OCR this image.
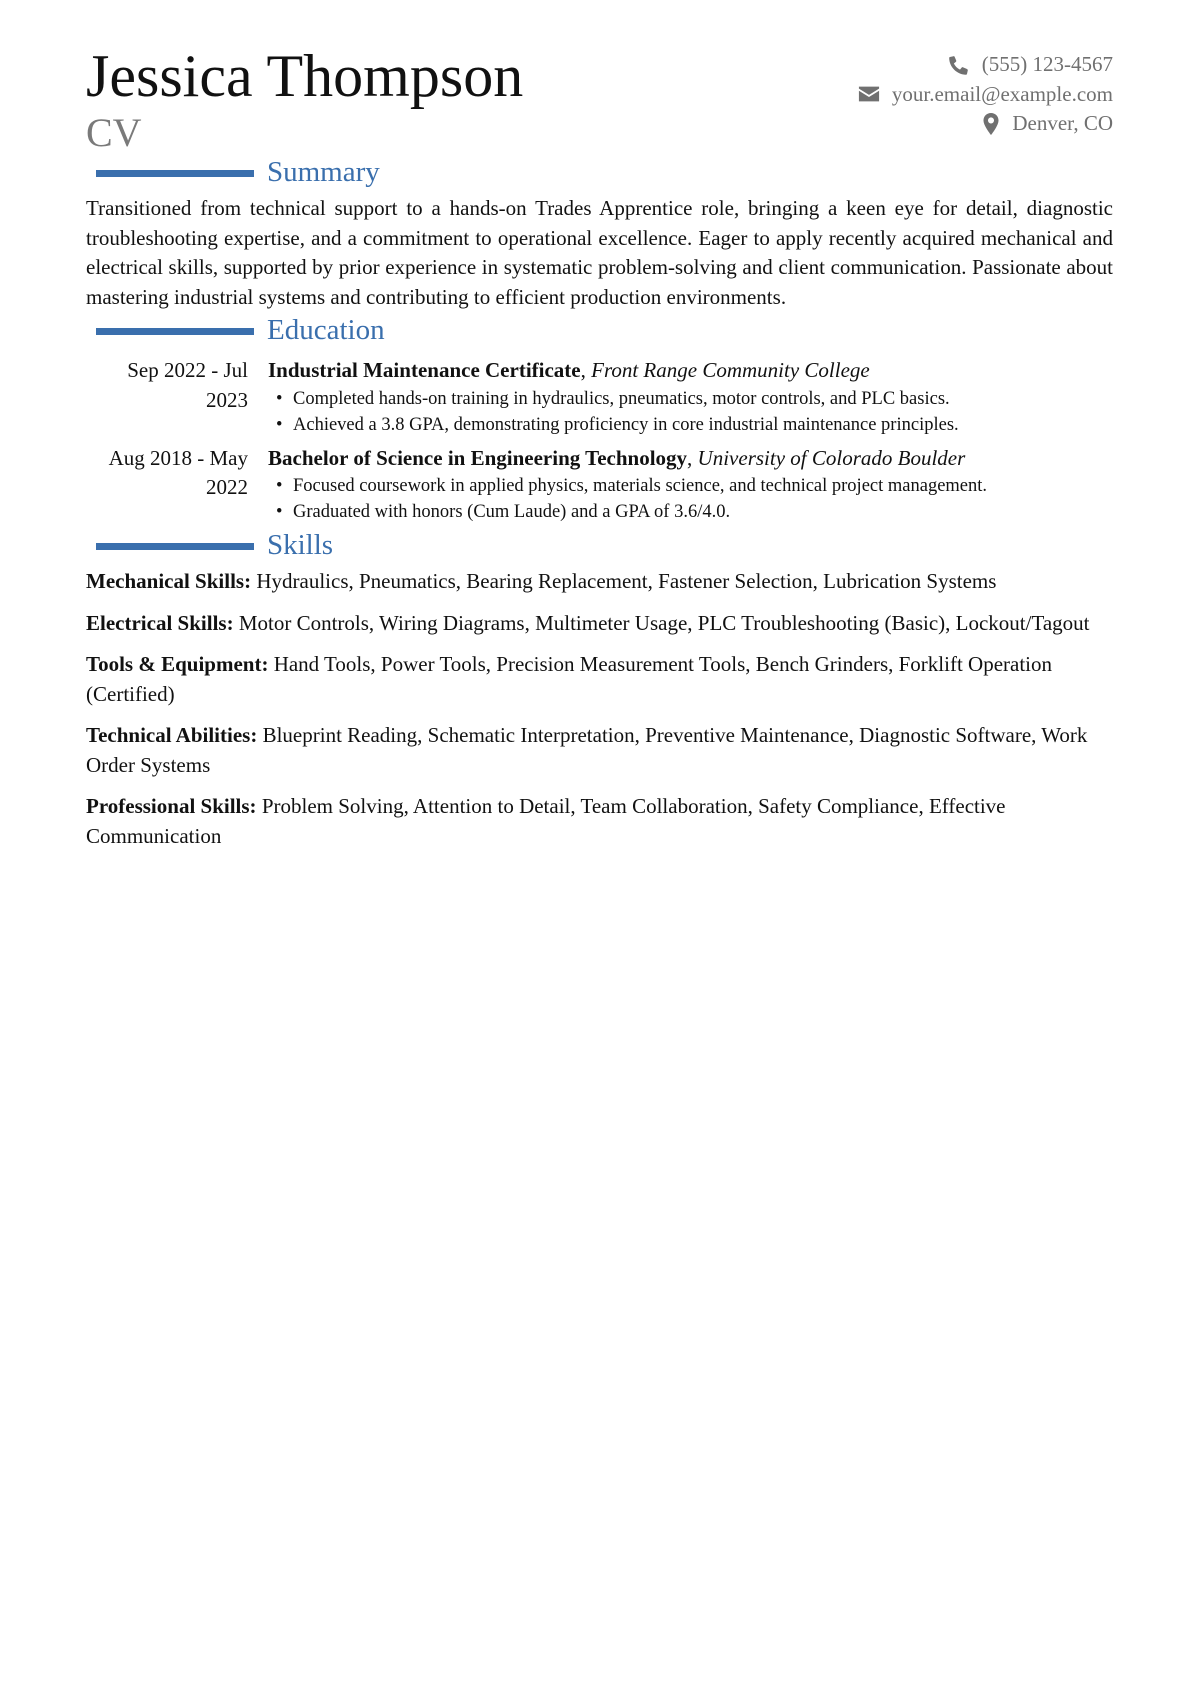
Jessica Thompson
CV
(555) 123-4567
your.email@example.com
Denver, CO
Summary

Transitioned from technical support to a hands-on Trades Apprentice role, bringing a keen eye for detail, diagnostic troubleshooting expertise, and a commitment to operational excellence. Eager to apply recently acquired mechanical and electrical skills, supported by prior experience in systematic problem-solving and client communication. Passionate about mastering industrial systems and contributing to efficient production environments.

Education
Sep 2022 - Jul 2023
Industrial Maintenance Certificate, Front Range Community College
• Completed hands-on training in hydraulics, pneumatics, motor controls, and PLC basics.
• Achieved a 3.8 GPA, demonstrating proficiency in core industrial maintenance principles.
Aug 2018 - May 2022
Bachelor of Science in Engineering Technology, University of Colorado Boulder
• Focused coursework in applied physics, materials science, and technical project management.
• Graduated with honors (Cum Laude) and a GPA of 3.6/4.0.
Skills

Mechanical Skills: Hydraulics, Pneumatics, Bearing Replacement, Fastener Selection, Lubrication Systems

Electrical Skills: Motor Controls, Wiring Diagrams, Multimeter Usage, PLC Troubleshooting (Basic), Lockout/Tagout

Tools & Equipment: Hand Tools, Power Tools, Precision Measurement Tools, Bench Grinders, Forklift Operation (Certified)

Technical Abilities: Blueprint Reading, Schematic Interpretation, Preventive Maintenance, Diagnostic Software, Work Order Systems

Professional Skills: Problem Solving, Attention to Detail, Team Collaboration, Safety Compliance, Effective Communication
